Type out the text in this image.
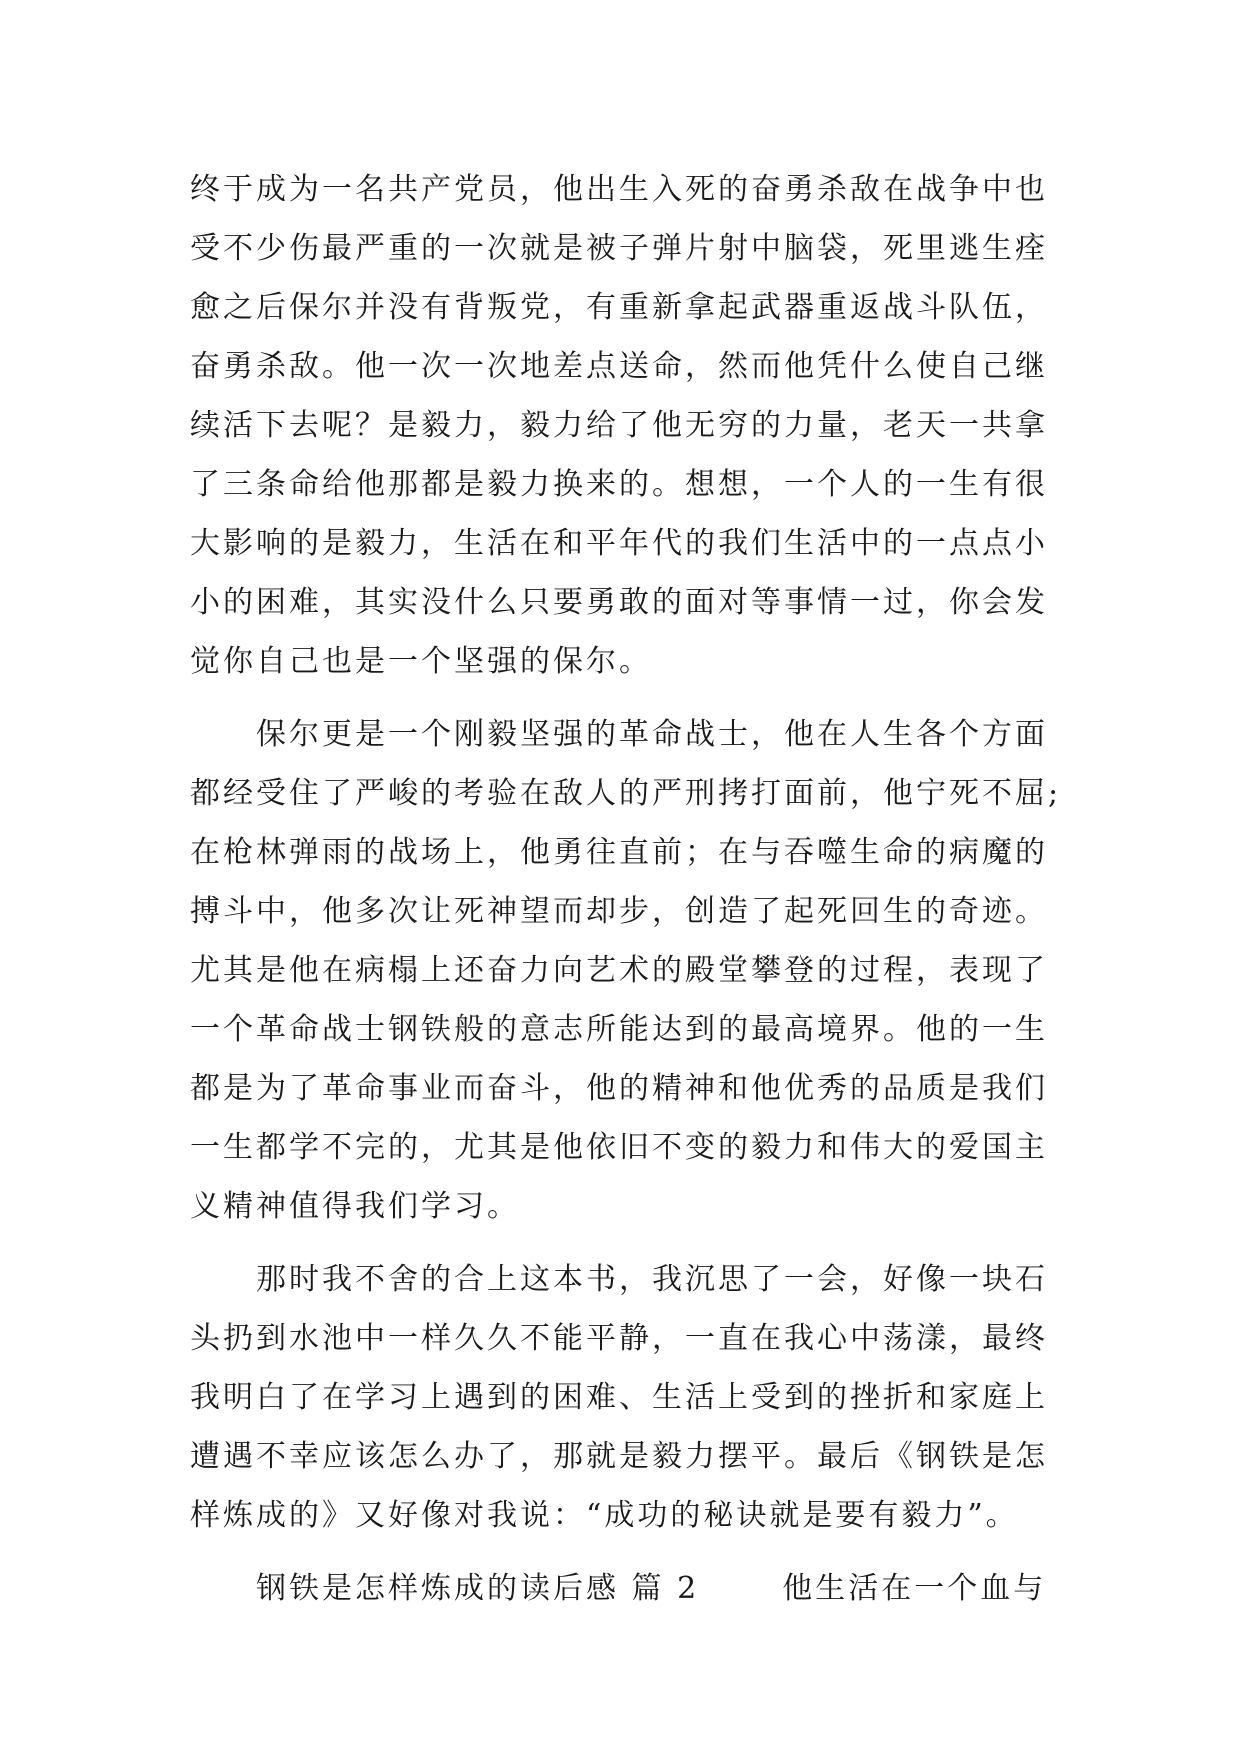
终于成为一名共产党员，他出生入死的奋勇杀敌在战争中也
受不少伤最严重的一次就是被子弹片射中脑袋，死里逃生痊
愈之后保尔并没有背叛党，有重新拿起武器重返战斗队伍，
奋勇杀敌。他一次一次地差点送命，然而他凭什么使自己继
续活下去呢？是毅力，毅力给了他无穷的力量，老天一共拿
了三条命给他那都是毅力换来的。想想，一个人的一生有很
大影响的是毅力，生活在和平年代的我们生活中的一点点小
小的困难，其实没什么只要勇敢的面对等事情一过，你会发
觉你自己也是一个坚强的保尔。
　　保尔更是一个刚毅坚强的革命战士，他在人生各个方面
都经受住了严峻的考验在敌人的严刑拷打面前，他宁死不屈;
在枪林弹雨的战场上，他勇往直前；在与吞噬生命的病魔的
搏斗中，他多次让死神望而却步，创造了起死回生的奇迹。
尤其是他在病榻上还奋力向艺术的殿堂攀登的过程，表现了
一个革命战士钢铁般的意志所能达到的最高境界。他的一生
都是为了革命事业而奋斗，他的精神和他优秀的品质是我们
一生都学不完的，尤其是他依旧不变的毅力和伟大的爱国主
义精神值得我们学习。
　　那时我不舍的合上这本书，我沉思了一会，好像一块石
头扔到水池中一样久久不能平静，一直在我心中荡漾，最终
我明白了在学习上遇到的困难、生活上受到的挫折和家庭上
遭遇不幸应该怎么办了，那就是毅力摆平。最后《钢铁是怎
样炼成的》又好像对我说：“成功的秘诀就是要有毅力”。
　　钢铁是怎样炼成的读后感 篇 2	他生活在一个血与
